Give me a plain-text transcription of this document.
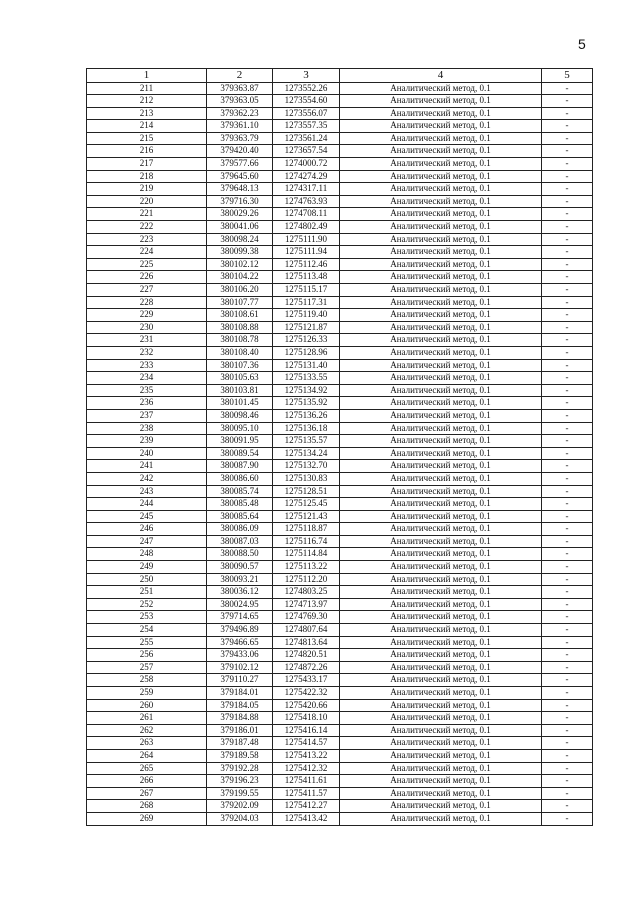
5
1	2	3	4	5
211	379363.87	1273552.26	Аналитический метод, 0.1	-
212	379363.05	1273554.60	Аналитический метод, 0.1	-
213	379362.23	1273556.07	Аналитический метод, 0.1	-
214	379361.10	1273557.35	Аналитический метод, 0.1	-
215	379363.79	1273561.24	Аналитический метод, 0.1	-
216	379420.40	1273657.54	Аналитический метод, 0.1	-
217	379577.66	1274000.72	Аналитический метод, 0.1	-
218	379645.60	1274274.29	Аналитический метод, 0.1	-
219	379648.13	1274317.11	Аналитический метод, 0.1	-
220	379716.30	1274763.93	Аналитический метод, 0.1	-
221	380029.26	1274708.11	Аналитический метод, 0.1	-
222	380041.06	1274802.49	Аналитический метод, 0.1	-
223	380098.24	1275111.90	Аналитический метод, 0.1	-
224	380099.38	1275111.94	Аналитический метод, 0.1	-
225	380102.12	1275112.46	Аналитический метод, 0.1	-
226	380104.22	1275113.48	Аналитический метод, 0.1	-
227	380106.20	1275115.17	Аналитический метод, 0.1	-
228	380107.77	1275117.31	Аналитический метод, 0.1	-
229	380108.61	1275119.40	Аналитический метод, 0.1	-
230	380108.88	1275121.87	Аналитический метод, 0.1	-
231	380108.78	1275126.33	Аналитический метод, 0.1	-
232	380108.40	1275128.96	Аналитический метод, 0.1	-
233	380107.36	1275131.40	Аналитический метод, 0.1	-
234	380105.63	1275133.55	Аналитический метод, 0.1	-
235	380103.81	1275134.92	Аналитический метод, 0.1	-
236	380101.45	1275135.92	Аналитический метод, 0.1	-
237	380098.46	1275136.26	Аналитический метод, 0.1	-
238	380095.10	1275136.18	Аналитический метод, 0.1	-
239	380091.95	1275135.57	Аналитический метод, 0.1	-
240	380089.54	1275134.24	Аналитический метод, 0.1	-
241	380087.90	1275132.70	Аналитический метод, 0.1	-
242	380086.60	1275130.83	Аналитический метод, 0.1	-
243	380085.74	1275128.51	Аналитический метод, 0.1	-
244	380085.48	1275125.45	Аналитический метод, 0.1	-
245	380085.64	1275121.43	Аналитический метод, 0.1	-
246	380086.09	1275118.87	Аналитический метод, 0.1	-
247	380087.03	1275116.74	Аналитический метод, 0.1	-
248	380088.50	1275114.84	Аналитический метод, 0.1	-
249	380090.57	1275113.22	Аналитический метод, 0.1	-
250	380093.21	1275112.20	Аналитический метод, 0.1	-
251	380036.12	1274803.25	Аналитический метод, 0.1	-
252	380024.95	1274713.97	Аналитический метод, 0.1	-
253	379714.65	1274769.30	Аналитический метод, 0.1	-
254	379496.89	1274807.64	Аналитический метод, 0.1	-
255	379466.65	1274813.64	Аналитический метод, 0.1	-
256	379433.06	1274820.51	Аналитический метод, 0.1	-
257	379102.12	1274872.26	Аналитический метод, 0.1	-
258	379110.27	1275433.17	Аналитический метод, 0.1	-
259	379184.01	1275422.32	Аналитический метод, 0.1	-
260	379184.05	1275420.66	Аналитический метод, 0.1	-
261	379184.88	1275418.10	Аналитический метод, 0.1	-
262	379186.01	1275416.14	Аналитический метод, 0.1	-
263	379187.48	1275414.57	Аналитический метод, 0.1	-
264	379189.58	1275413.22	Аналитический метод, 0.1	-
265	379192.28	1275412.32	Аналитический метод, 0.1	-
266	379196.23	1275411.61	Аналитический метод, 0.1	-
267	379199.55	1275411.57	Аналитический метод, 0.1	-
268	379202.09	1275412.27	Аналитический метод, 0.1	-
269	379204.03	1275413.42	Аналитический метод, 0.1	-
